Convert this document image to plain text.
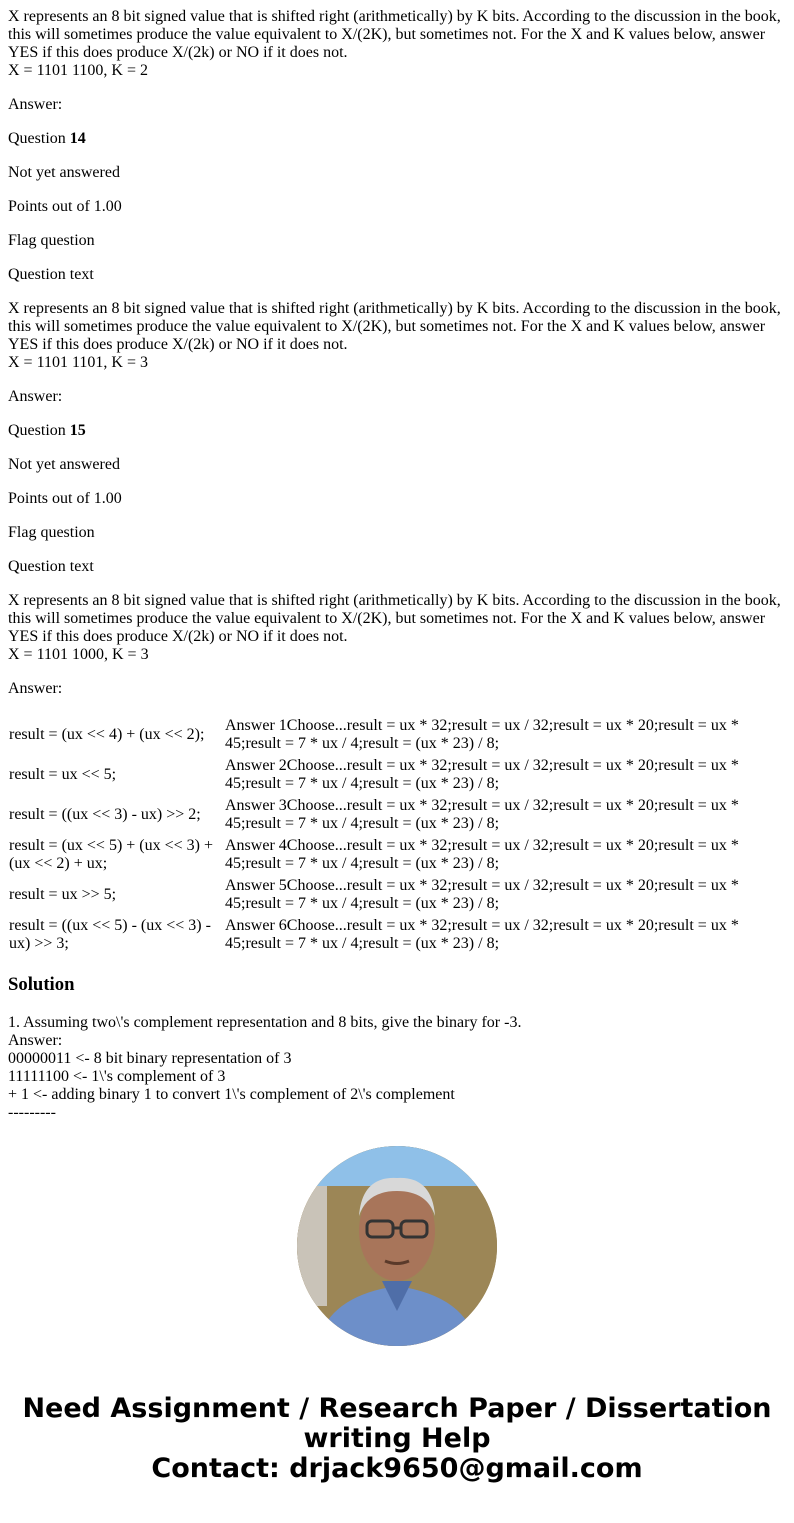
X represents an 8 bit signed value that is shifted right (arithmetically) by K bits. According to the discussion in the book, this will sometimes produce the value equivalent to X/(2K), but sometimes not. For the X and K values below, answer YES if this does produce X/(2k) or NO if it does not.
X = 1101 1100, K = 2

Answer:

Question 14

Not yet answered

Points out of 1.00

Flag question

Question text

X represents an 8 bit signed value that is shifted right (arithmetically) by K bits. According to the discussion in the book, this will sometimes produce the value equivalent to X/(2K), but sometimes not. For the X and K values below, answer YES if this does produce X/(2k) or NO if it does not.
X = 1101 1101, K = 3

Answer:

Question 15

Not yet answered

Points out of 1.00

Flag question

Question text

X represents an 8 bit signed value that is shifted right (arithmetically) by K bits. According to the discussion in the book, this will sometimes produce the value equivalent to X/(2K), but sometimes not. For the X and K values below, answer YES if this does produce X/(2k) or NO if it does not.
X = 1101 1000, K = 3

Answer:

result = (ux << 4) + (ux << 2);	Answer 1Choose...result = ux * 32;result = ux / 32;result = ux * 20;result = ux * 45;result = 7 * ux / 4;result = (ux * 23) / 8;
result = ux << 5;	Answer 2Choose...result = ux * 32;result = ux / 32;result = ux * 20;result = ux * 45;result = 7 * ux / 4;result = (ux * 23) / 8;
result = ((ux << 3) - ux) >> 2;	Answer 3Choose...result = ux * 32;result = ux / 32;result = ux * 20;result = ux * 45;result = 7 * ux / 4;result = (ux * 23) / 8;
result = (ux << 5) + (ux << 3) + (ux << 2) + ux;	Answer 4Choose...result = ux * 32;result = ux / 32;result = ux * 20;result = ux * 45;result = 7 * ux / 4;result = (ux * 23) / 8;
result = ux >> 5;	Answer 5Choose...result = ux * 32;result = ux / 32;result = ux * 20;result = ux * 45;result = 7 * ux / 4;result = (ux * 23) / 8;
result = ((ux << 5) - (ux << 3) - ux) >> 3;	Answer 6Choose...result = ux * 32;result = ux / 32;result = ux * 20;result = ux * 45;result = 7 * ux / 4;result = (ux * 23) / 8;
Solution
1. Assuming two\'s complement representation and 8 bits, give the binary for -3.
Answer:
00000011 <- 8 bit binary representation of 3
11111100 <- 1\'s complement of 3
+ 1 <- adding binary 1 to convert 1\'s complement of 2\'s complement
---------
Need Assignment / Research Paper / Dissertation writing Help
Contact: drjack9650@gmail.com
